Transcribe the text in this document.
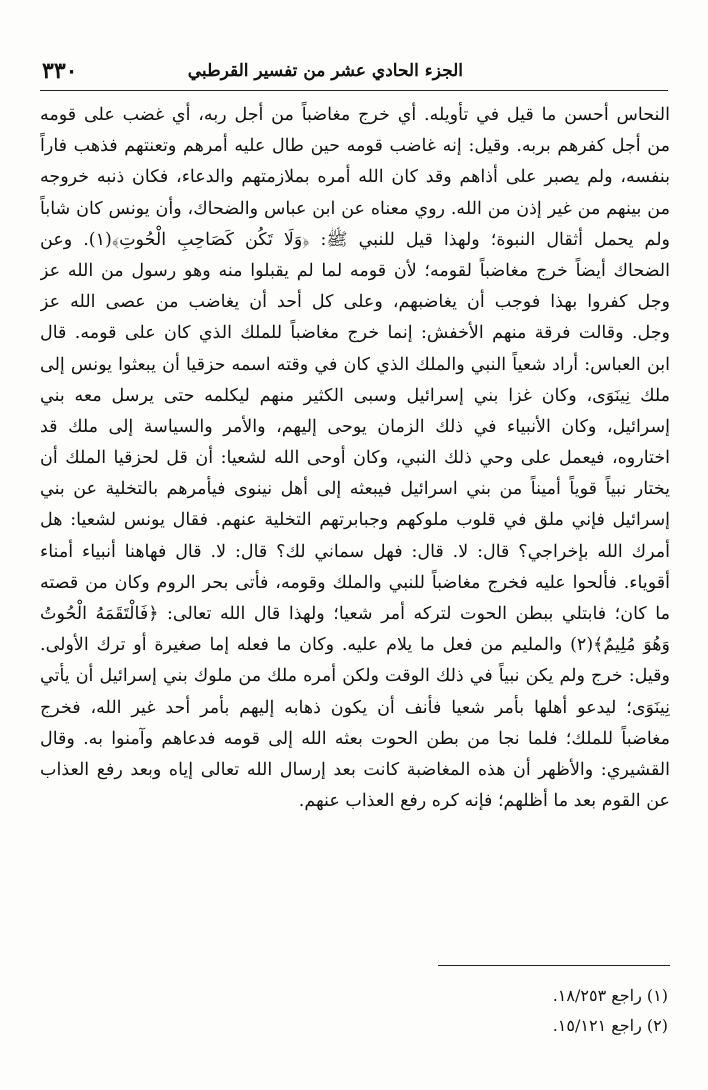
الجزء الحادي عشر من تفسير القرطبي
٣٣٠
النحاس أحسن ما قيل في تأويله. أي خرج مغاضباً من أجل ربه، أي غضب على قومه
من أجل كفرهم بربه. وقيل: إنه غاضب قومه حين طال عليه أمرهم وتعنتهم فذهب فاراً
بنفسه، ولم يصبر على أذاهم وقد كان الله أمره بملازمتهم والدعاء، فكان ذنبه خروجه
من بينهم من غير إذن من الله. روي معناه عن ابن عباس والضحاك، وأن يونس كان شاباً
ولم يحمل أثقال النبوة؛ ولهذا قيل للنبي ﷺ: ﴿وَلَا تَكُن كَصَاحِبِ الْحُوتِ﴾(١). وعن
الضحاك أيضاً خرج مغاضباً لقومه؛ لأن قومه لما لم يقبلوا منه وهو رسول من الله عز
وجل كفروا بهذا فوجب أن يغاضبهم، وعلى كل أحد أن يغاضب من عصى الله عز
وجل. وقالت فرقة منهم الأخفش: إنما خرج مغاضباً للملك الذي كان على قومه. قال
ابن العباس: أراد شعياً النبي والملك الذي كان في وقته اسمه حزقيا أن يبعثوا يونس إلى
ملك نِينَوَى، وكان غزا بني إسرائيل وسبى الكثير منهم ليكلمه حتى يرسل معه بني
إسرائيل، وكان الأنبياء في ذلك الزمان يوحى إليهم، والأمر والسياسة إلى ملك قد
اختاروه، فيعمل على وحي ذلك النبي، وكان أوحى الله لشعيا: أن قل لحزقيا الملك أن
يختار نبياً قوياً أميناً من بني اسرائيل فيبعثه إلى أهل نينوى فيأمرهم بالتخلية عن بني
إسرائيل فإني ملق في قلوب ملوكهم وجبابرتهم التخلية عنهم. فقال يونس لشعيا: هل
أمرك الله بإخراجي؟ قال: لا. قال: فهل سماني لك؟ قال: لا. قال فهاهنا أنبياء أمناء
أقوياء. فألحوا عليه فخرج مغاضباً للنبي والملك وقومه، فأتى بحر الروم وكان من قصته
ما كان؛ فابتلي ببطن الحوت لتركه أمر شعيا؛ ولهذا قال الله تعالى: ﴿فَالْتَقَمَهُ الْحُوتُ
وَهُوَ مُلِيمٌ﴾(٢) والمليم من فعل ما يلام عليه. وكان ما فعله إما صغيرة أو ترك الأولى.
وقيل: خرج ولم يكن نبياً في ذلك الوقت ولكن أمره ملك من ملوك بني إسرائيل أن يأتي
نِينَوَى؛ ليدعو أهلها بأمر شعيا فأنف أن يكون ذهابه إليهم بأمر أحد غير الله، فخرج
مغاضباً للملك؛ فلما نجا من بطن الحوت بعثه الله إلى قومه فدعاهم وآمنوا به. وقال
القشيري: والأظهر أن هذه المغاضبة كانت بعد إرسال الله تعالى إياه وبعد رفع العذاب
عن القوم بعد ما أظلهم؛ فإنه كره رفع العذاب عنهم.
(١) راجع ١٨/٢٥٣.
(٢) راجع ١٥/١٢١.
